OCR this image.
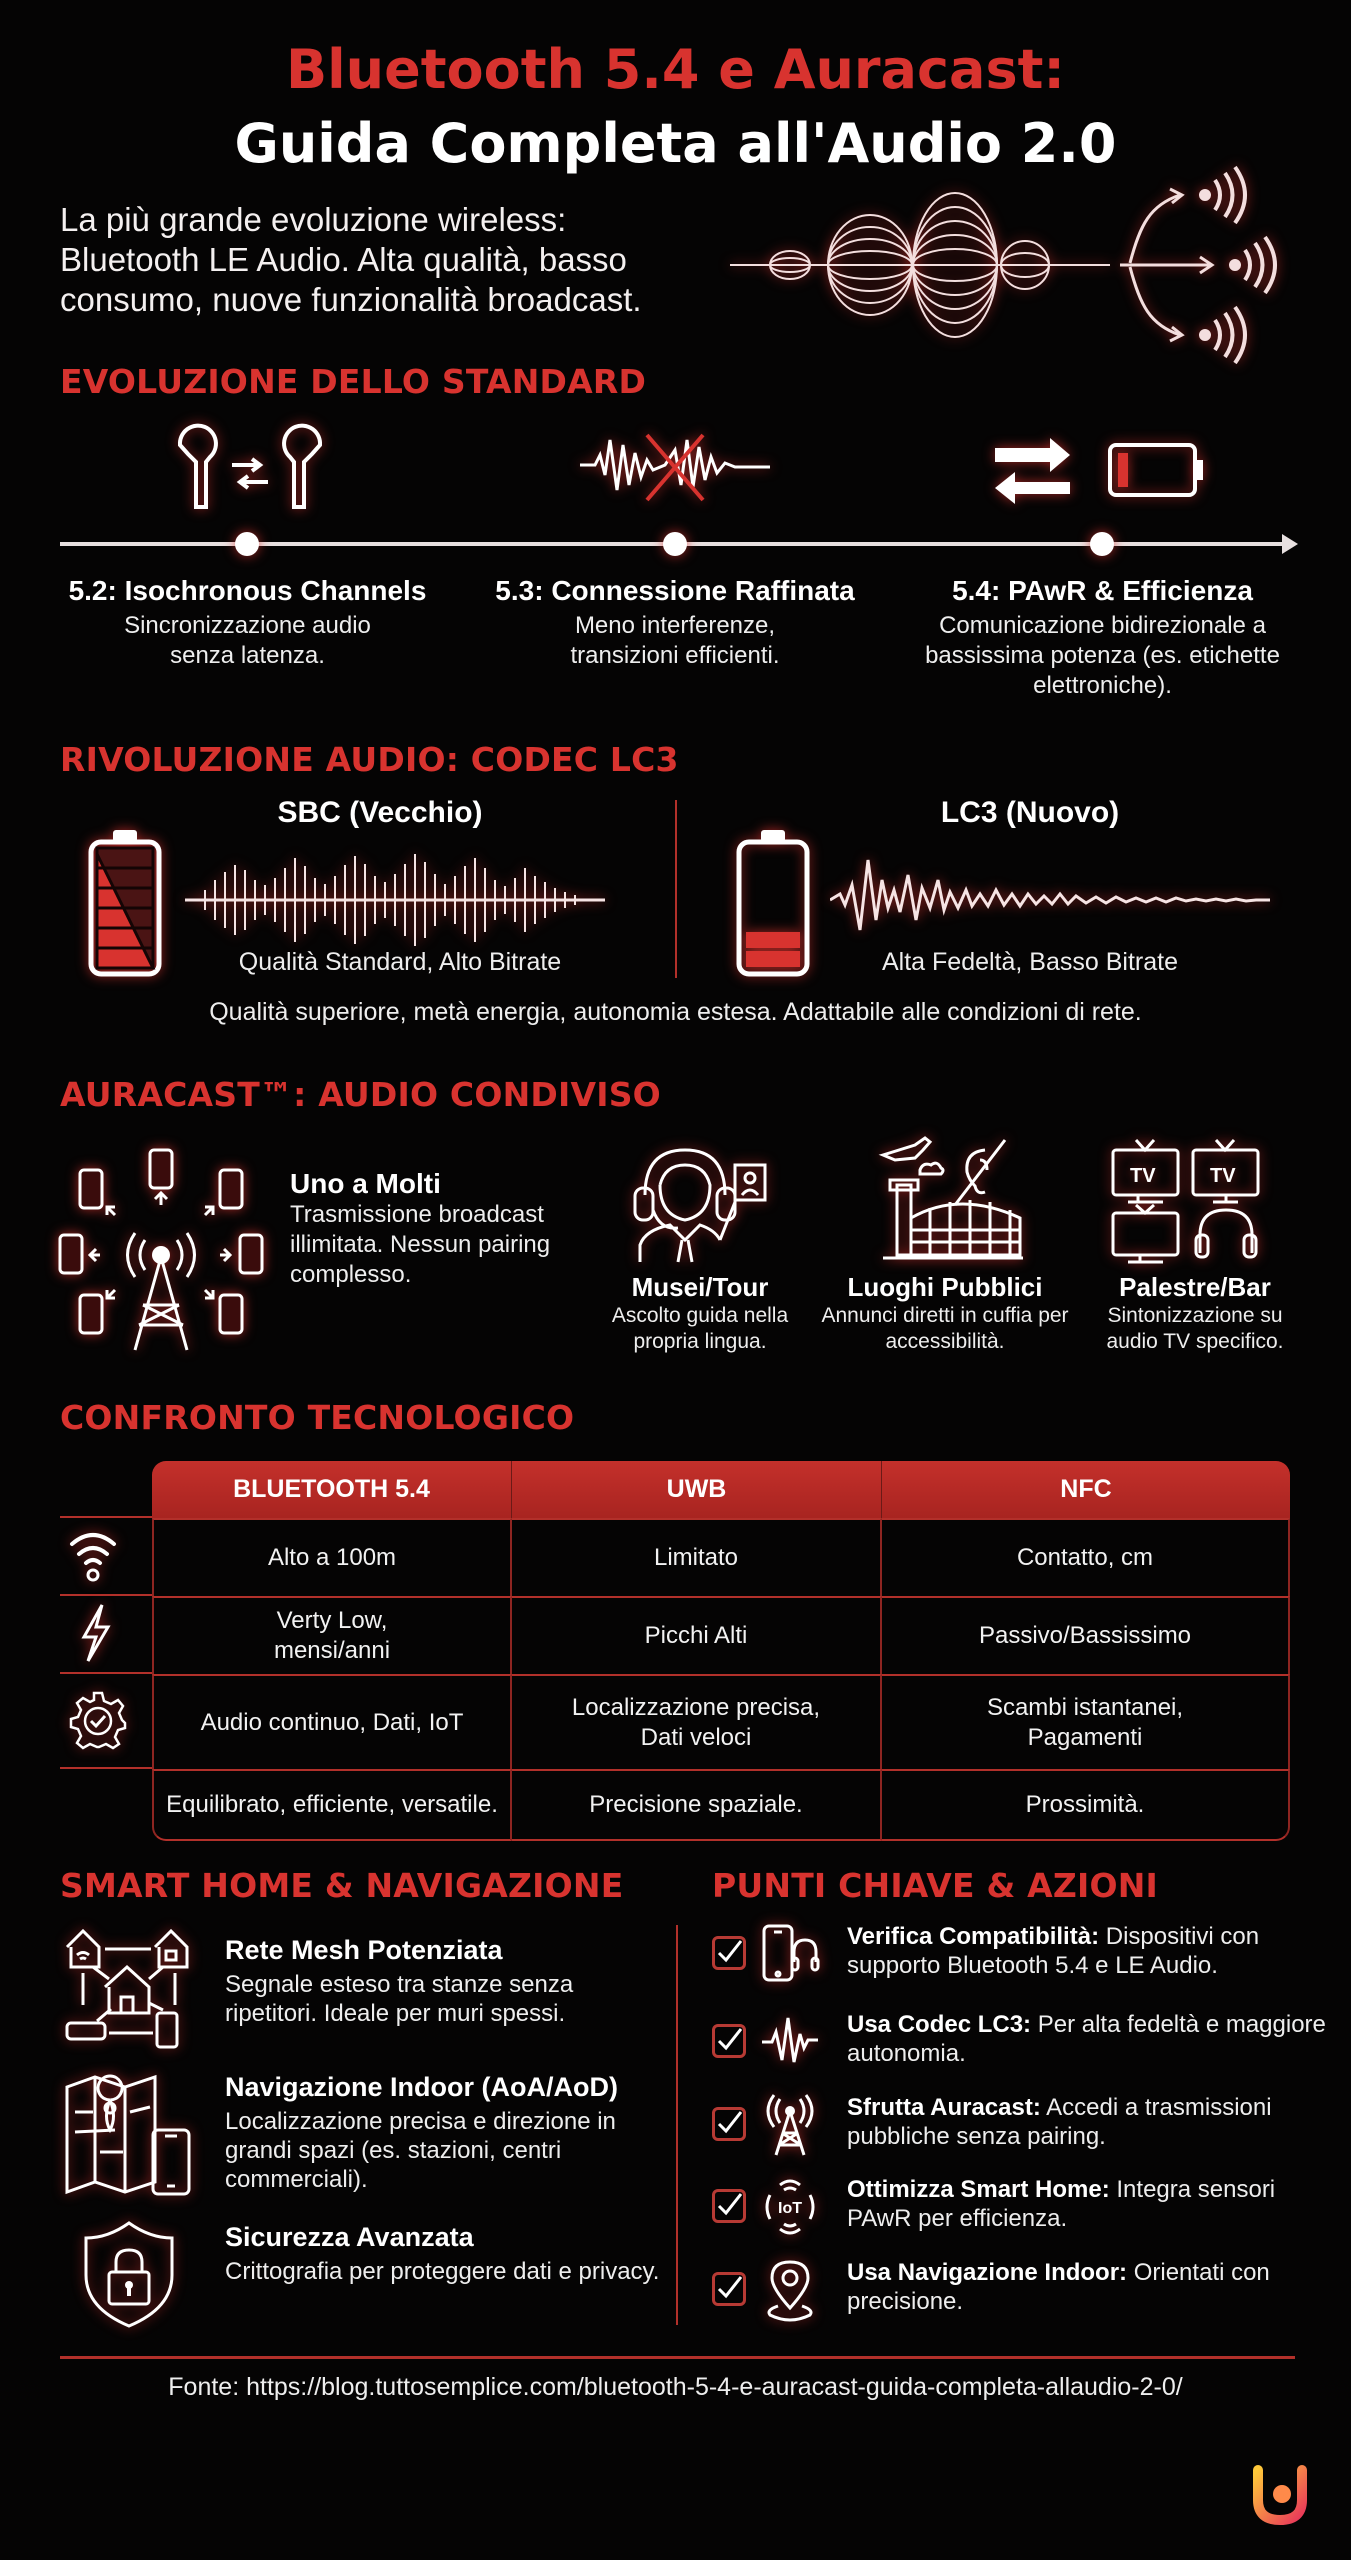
Bluetooth 5.4 e Auracast:
Guida Completa all'Audio 2.0
La più grande evoluzione wireless: Bluetooth LE Audio. Alta qualità, basso consumo, nuove funzionalità broadcast.
EVOLUZIONE DELLO STANDARD
5.2: Isochronous Channels

Sincronizzazione audio senza latenza.

5.3: Connessione Raffinata

Meno interferenze, transizioni efficienti.

5.4: PAwR & Efficienza

Comunicazione bidirezionale a bassissima potenza (es. etichette elettroniche).

RIVOLUZIONE AUDIO: CODEC LC3
SBC (Vecchio)	LC3 (Nuovo)
Qualità Standard, Alto Bitrate	Alta Fedeltà, Basso Bitrate
Qualità superiore, metà energia, autonomia estesa. Adattabile alle condizioni di rete.
AURACAST™: AUDIO CONDIVISO
Uno a Molti
Trasmissione broadcast illimitata. Nessun pairing complesso.	Musei/Tour

Ascolto guida nella propria lingua.

Luoghi Pubblici

Annunci diretti in cuffia per accessibilità.

TV	TV
Palestre/Bar

Sintonizzazione su audio TV specifico.

CONFRONTO TECNOLOGICO
BLUETOOTH 5.4	UWB	NFC
Alto a 100m	Limitato	Contatto, cm
Verty Low, mensi/anni	Picchi Alti	Passivo/Bassissimo
Audio continuo, Dati, IoT	Localizzazione precisa, Dati veloci	Scambi istantanei, Pagamenti
Equilibrato, efficiente, versatile.	Precisione spaziale.	Prossimità.
SMART HOME & NAVIGAZIONE
Rete Mesh Potenziata

Segnale esteso tra stanze senza ripetitori. Ideale per muri spessi.

Navigazione Indoor (AoA/AoD)

Localizzazione precisa e direzione in grandi spazi (es. stazioni, centri commerciali).

Sicurezza Avanzata

Crittografia per proteggere dati e privacy.

PUNTI CHIAVE & AZIONI
Verifica Compatibilità: Dispositivi con supporto Bluetooth 5.4 e LE Audio.
Usa Codec LC3: Per alta fedeltà e maggiore autonomia.
Sfrutta Auracast: Accedi a trasmissioni pubbliche senza pairing.
IoT
Ottimizza Smart Home: Integra sensori PAwR per efficienza.
Usa Navigazione Indoor: Orientati con precisione.
Fonte: https://blog.tuttosemplice.com/bluetooth-5-4-e-auracast-guida-completa-allaudio-2-0/
